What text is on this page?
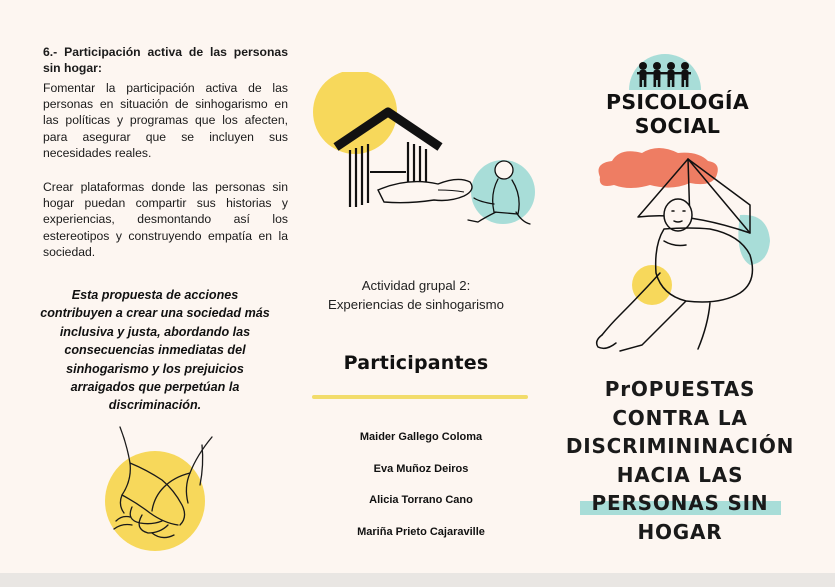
6.- Participación activa de las personas sin hogar:
Fomentar la participación activa de las personas en situación de sinhogarismo en las políticas y programas que los afecten, para asegurar que se incluyen sus necesidades reales.
Crear plataformas donde las personas sin hogar puedan compartir sus historias y experiencias, desmontando así los estereotipos y construyendo empatía en la sociedad.
Esta propuesta de acciones contribuyen a crear una sociedad más inclusiva y justa, abordando las consecuencias inmediatas del sinhogarismo y los prejuicios arraigados que perpetúan la discriminación.
Actividad grupal 2:
Experiencias de sinhogarismo
Participantes
Maider Gallego Coloma
Eva Muñoz Deiros
Alicia Torrano Cano
Mariña Prieto Cajaraville
PSICOLOGÍA SOCIAL
PrOPUESTAS
CONTRA LA
DISCRIMININACIÓN
HACIA LAS
PERSONAS SIN
HOGAR
